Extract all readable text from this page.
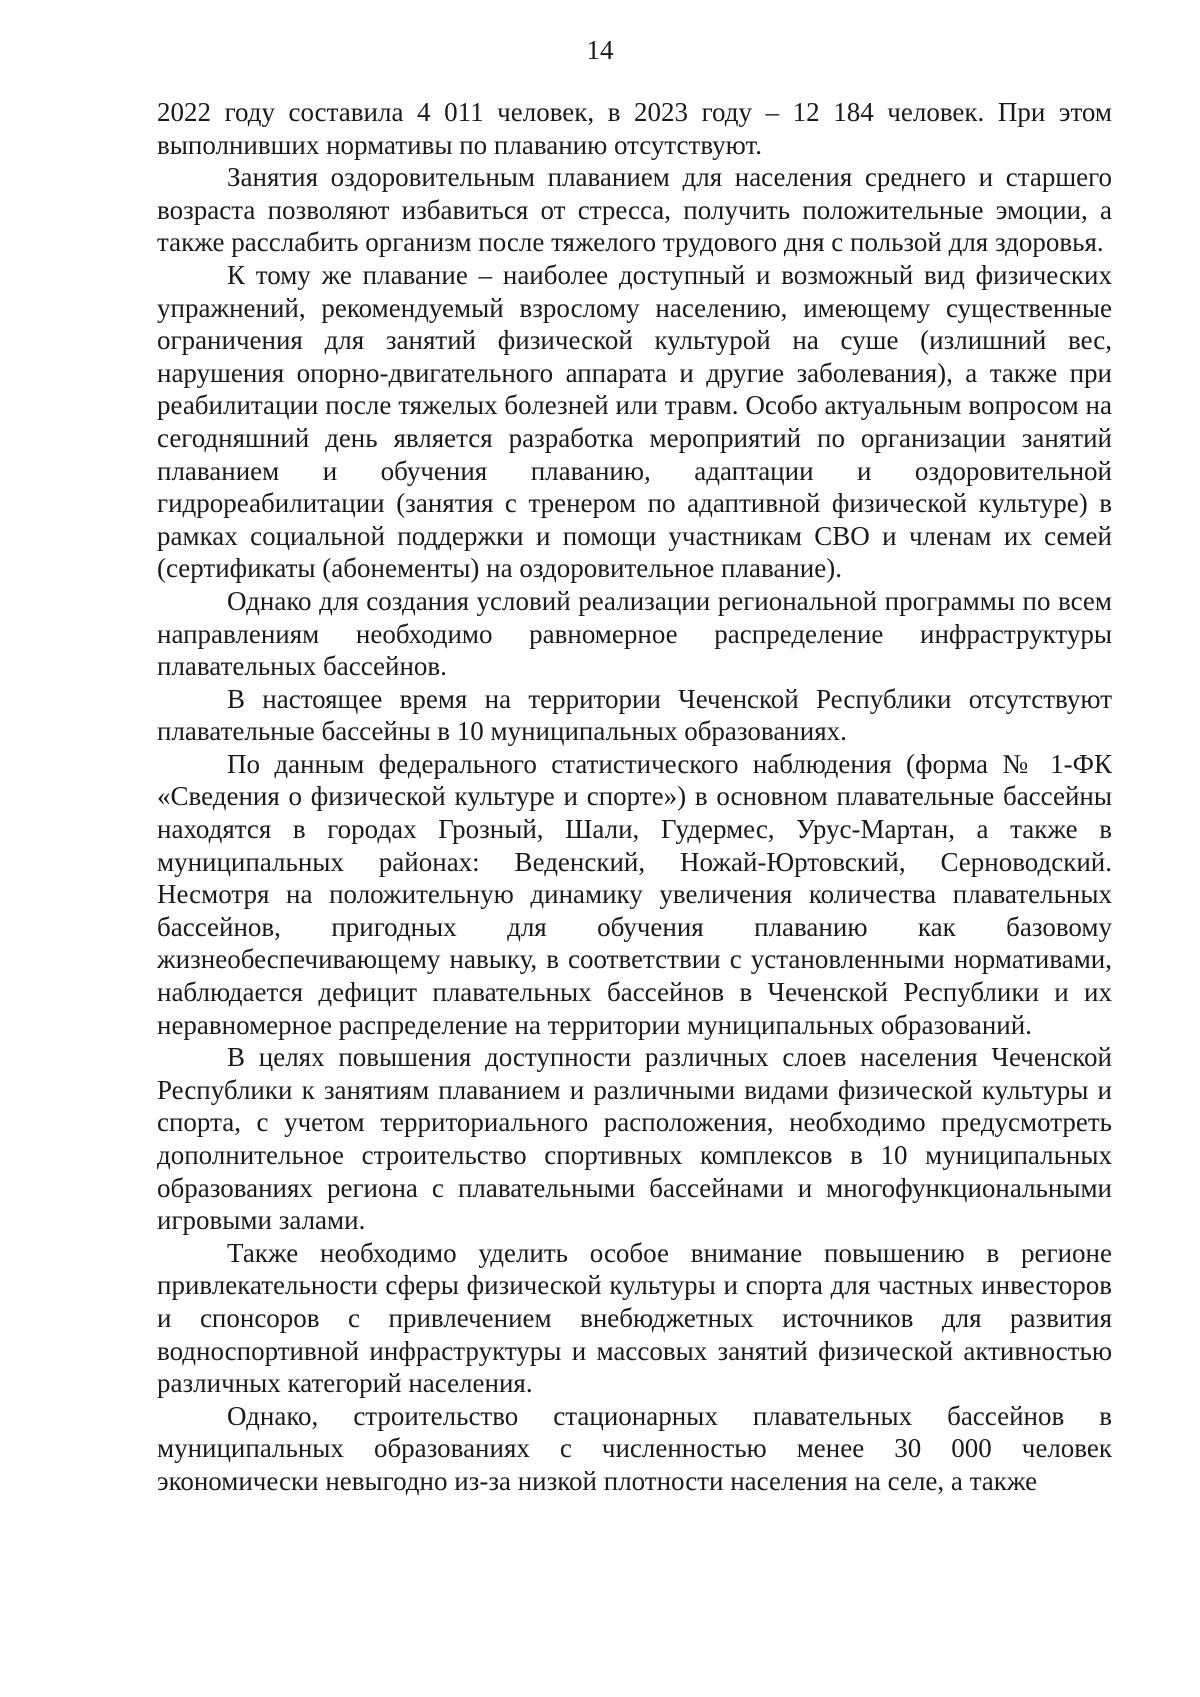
14

2022 году составила 4 011 человек, в 2023 году – 12 184 человек. При этом выполнивших нормативы по плаванию отсутствуют.

Занятия оздоровительным плаванием для населения среднего и старшего возраста позволяют избавиться от стресса, получить положительные эмоции, а также расслабить организм после тяжелого трудового дня с пользой для здоровья.

К тому же плавание – наиболее доступный и возможный вид физических упражнений, рекомендуемый взрослому населению, имеющему существенные ограничения для занятий физической культурой на суше (излишний вес, нарушения опорно-двигательного аппарата и другие заболевания), а также при реабилитации после тяжелых болезней или травм. Особо актуальным вопросом на сегодняшний день является разработка мероприятий по организации занятий плаванием и обучения плаванию, адаптации и оздоровительной гидрореабилитации (занятия с тренером по адаптивной физической культуре) в рамках социальной поддержки и помощи участникам СВО и членам их семей (сертификаты (абонементы) на оздоровительное плавание).

Однако для создания условий реализации региональной программы по всем направлениям необходимо равномерное распределение инфраструктуры плавательных бассейнов.

В настоящее время на территории Чеченской Республики отсутствуют плавательные бассейны в 10 муниципальных образованиях.

По данным федерального статистического наблюдения (форма № 1-ФК «Сведения о физической культуре и спорте») в основном плавательные бассейны находятся в городах Грозный, Шали, Гудермес, Урус-Мартан, а также в муниципальных районах: Веденский, Ножай-Юртовский, Серноводский. Несмотря на положительную динамику увеличения количества плавательных бассейнов, пригодных для обучения плаванию как базовому жизнеобеспечивающему навыку, в соответствии с установленными нормативами, наблюдается дефицит плавательных бассейнов в Чеченской Республики и их неравномерное распределение на территории муниципальных образований.

В целях повышения доступности различных слоев населения Чеченской Республики к занятиям плаванием и различными видами физической культуры и спорта, с учетом территориального расположения, необходимо предусмотреть дополнительное строительство спортивных комплексов в 10 муниципальных образованиях региона с плавательными бассейнами и многофункциональными игровыми залами.

Также необходимо уделить особое внимание повышению в регионе привлекательности сферы физической культуры и спорта для частных инвесторов и спонсоров с привлечением внебюджетных источников для развития водноспортивной инфраструктуры и массовых занятий физической активностью различных категорий населения.

Однако, строительство стационарных плавательных бассейнов в муниципальных образованиях с численностью менее 30 000 человек экономически невыгодно из-за низкой плотности населения на селе, а также
